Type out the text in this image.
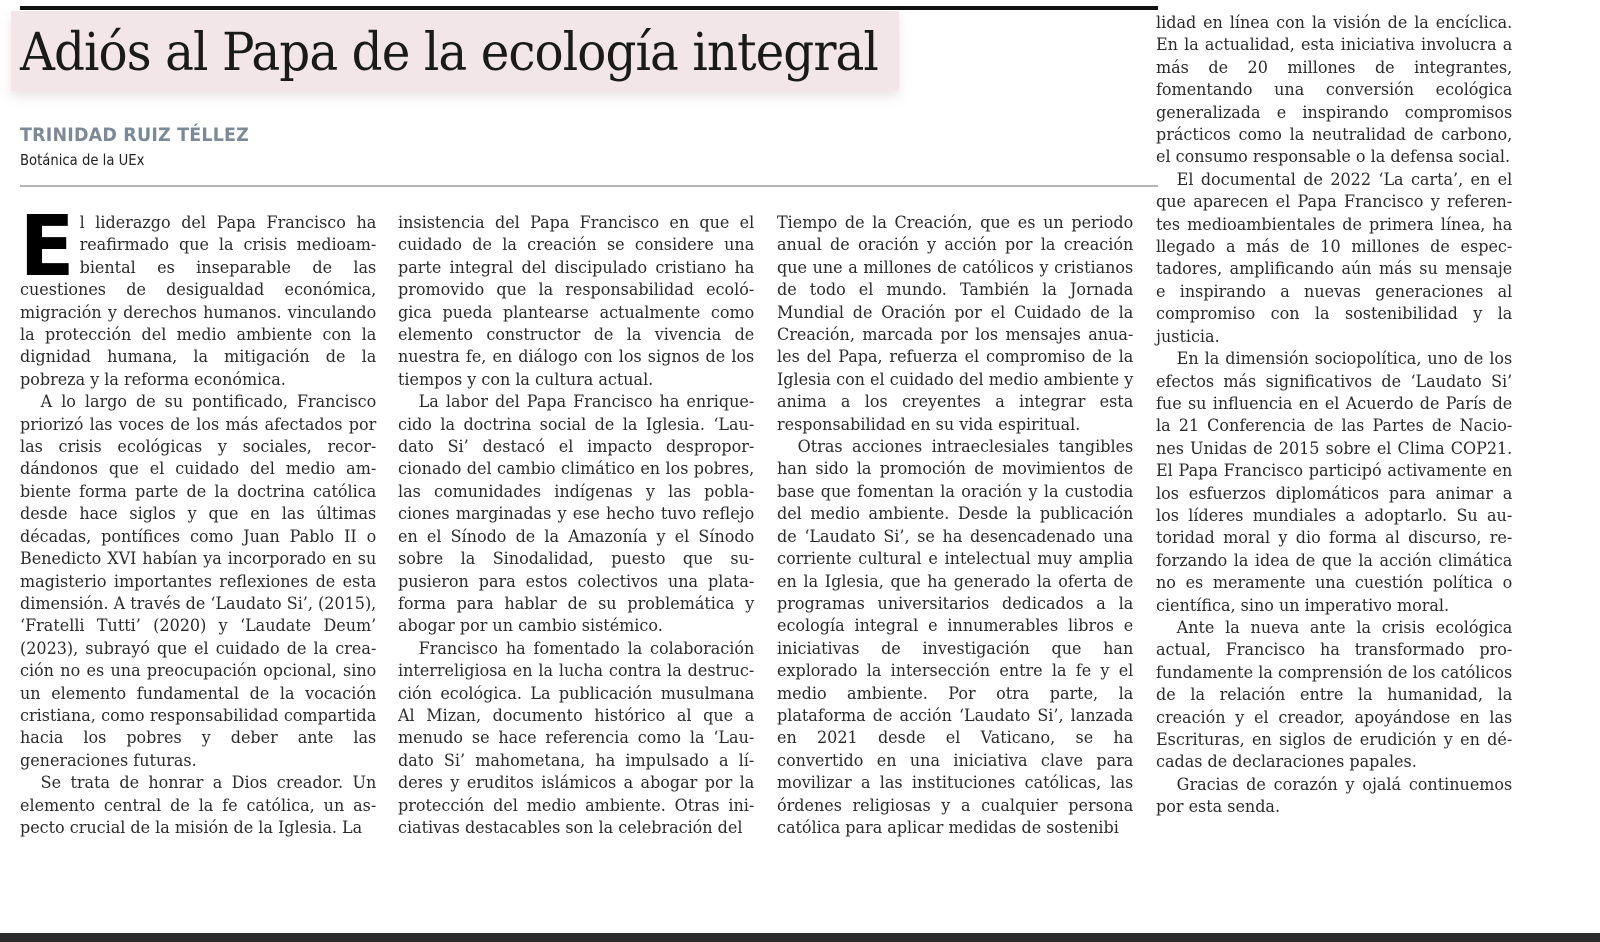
Adiós al Papa de la ecología integral
TRINIDAD RUIZ TÉLLEZ
Botánica de la UEx

El liderazgo del Papa Francisco ha reafirmado que la crisis medioambiental es inseparable de las cuestiones de desigualdad económica, migración y derechos humanos. vinculando la protección del medio ambiente con la dignidad humana, la mitigación de la pobreza y la reforma económica.

A lo largo de su pontificado, Francisco priorizó las voces de los más afectados por las crisis ecológicas y sociales, recordándonos que el cuidado del medio ambiente forma parte de la doctrina católica desde hace siglos y que en las últimas décadas, pontífices como Juan Pablo II o Benedicto XVI habían ya incorporado en su magisterio importantes reflexiones de esta dimensión. A través de ‘Laudato Si’, (2015), ‘Fratelli Tutti’ (2020) y ‘Laudate Deum’ (2023), subrayó que el cuidado de la creación no es una preocupación opcional, sino un elemento fundamental de la vocación cristiana, como responsabilidad compartida hacia los pobres y deber ante las generaciones futuras.

Se trata de honrar a Dios creador. Un elemento central de la fe católica, un aspecto crucial de la misión de la Iglesia. La

insistencia del Papa Francisco en que el cuidado de la creación se considere una parte integral del discipulado cristiano ha promovido que la responsabilidad ecológica pueda plantearse actualmente como elemento constructor de la vivencia de nuestra fe, en diálogo con los signos de los tiempos y con la cultura actual.

La labor del Papa Francisco ha enriquecido la doctrina social de la Iglesia. ‘Laudato Si’ destacó el impacto desproporcionado del cambio climático en los pobres, las comunidades indígenas y las poblaciones marginadas y ese hecho tuvo reflejo en el Sínodo de la Amazonía y el Sínodo sobre la Sinodalidad, puesto que supusieron para estos colectivos una plataforma para hablar de su problemática y abogar por un cambio sistémico.

Francisco ha fomentado la colaboración interreligiosa en la lucha contra la destrucción ecológica. La publicación musulmana Al Mizan, documento histórico al que a menudo se hace referencia como la ‘Laudato Si’ mahometana, ha impulsado a líderes y eruditos islámicos a abogar por la protección del medio ambiente. Otras iniciativas destacables son la celebración del

Tiempo de la Creación, que es un periodo anual de oración y acción por la creación que une a millones de católicos y cristianos de todo el mundo. También la Jornada Mundial de Oración por el Cuidado de la Creación, marcada por los mensajes anuales del Papa, refuerza el compromiso de la Iglesia con el cuidado del medio ambiente y anima a los creyentes a integrar esta responsabilidad en su vida espiritual.

Otras acciones intraeclesiales tangibles han sido la promoción de movimientos de base que fomentan la oración y la custodia del medio ambiente. Desde la publicación de ‘Laudato Si’, se ha desencadenado una corriente cultural e intelectual muy amplia en la Iglesia, que ha generado la oferta de programas universitarios dedicados a la ecología integral e innumerables libros e iniciativas de investigación que han explorado la intersección entre la fe y el medio ambiente. Por otra parte, la plataforma de acción ‘Laudato Si’, lanzada en 2021 desde el Vaticano, se ha convertido en una iniciativa clave para movilizar a las instituciones católicas, las órdenes religiosas y a cualquier persona católica para aplicar medidas de sostenibi

lidad en línea con la visión de la encíclica. En la actualidad, esta iniciativa involucra a más de 20 millones de integrantes, fomentando una conversión ecológica generalizada e inspirando compromisos prácticos como la neutralidad de carbono, el consumo responsable o la defensa social.

El documental de 2022 ‘La carta’, en el que aparecen el Papa Francisco y referentes medioambientales de primera línea, ha llegado a más de 10 millones de espectadores, amplificando aún más su mensaje e inspirando a nuevas generaciones al compromiso con la sostenibilidad y la justicia.

En la dimensión sociopolítica, uno de los efectos más significativos de ‘Laudato Si’ fue su influencia en el Acuerdo de París de la 21 Conferencia de las Partes de Naciones Unidas de 2015 sobre el Clima COP21. El Papa Francisco participó activamente en los esfuerzos diplomáticos para animar a los líderes mundiales a adoptarlo. Su autoridad moral y dio forma al discurso, reforzando la idea de que la acción climática no es meramente una cuestión política o científica, sino un imperativo moral.

Ante la nueva ante la crisis ecológica actual, Francisco ha transformado profundamente la comprensión de los católicos de la relación entre la humanidad, la creación y el creador, apoyándose en las Escrituras, en siglos de erudición y en décadas de declaraciones papales.

Gracias de corazón y ojalá continuemos por esta senda.
